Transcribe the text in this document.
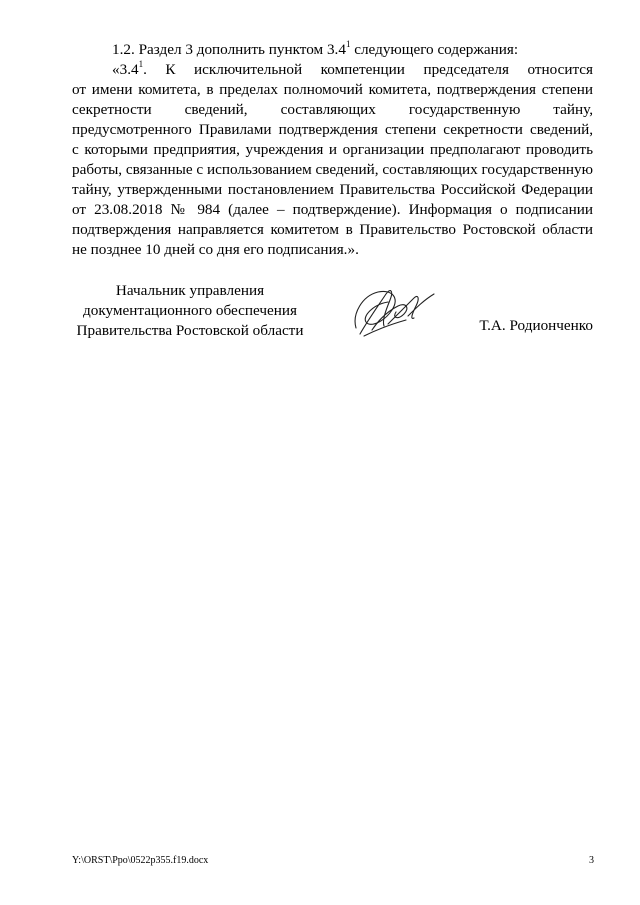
1.2. Раздел 3 дополнить пунктом $3.4^1$ следующего содержания:
«$3.4^1$. К исключительной компетенции председателя относится
от имени комитета, в пределах полномочий комитета, подтверждения степени
секретности сведений, составляющих государственную тайну,
предусмотренного Правилами подтверждения степени секретности сведений,
с которыми предприятия, учреждения и организации предполагают проводить
работы, связанные с использованием сведений, составляющих государственную
тайну, утвержденными постановлением Правительства Российской Федерации
от 23.08.2018 № 984 (далее – подтверждение). Информация о подписании
подтверждения направляется комитетом в Правительство Ростовской области
не позднее 10 дней со дня его подписания.».
Начальник управления
документационного обеспечения
Правительства Ростовской области	Т.А. Родионченко
Y:\ORST\Ppo\0522p355.f19.docx	3
